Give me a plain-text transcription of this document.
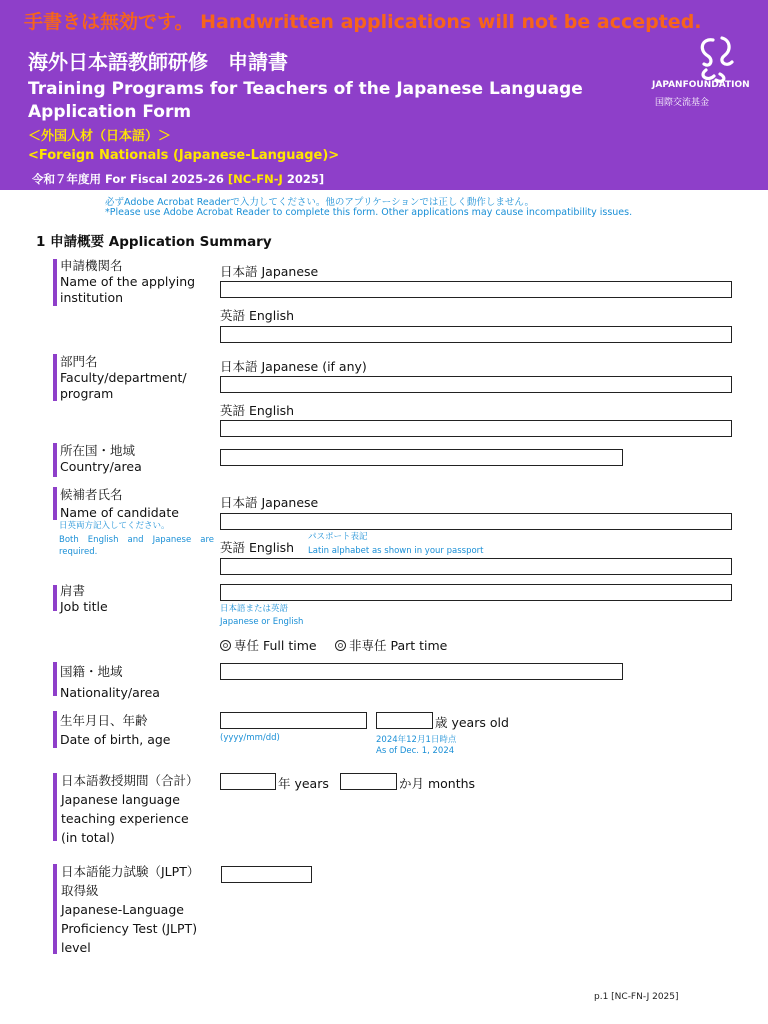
手書きは無効です。 Handwritten applications will not be accepted.
海外日本語教師研修　申請書
Training Programs for Teachers of the Japanese Language
Application Form
＜外国人材（日本語）＞
<Foreign Nationals (Japanese-Language)>
令和７年度用 For Fiscal 2025-26 [NC-FN-J 2025]
JAPANFOUNDATION
国際交流基金
必ずAdobe Acrobat Readerで入力してください。他のアプリケーションでは正しく動作しません。
*Please use Adobe Acrobat Reader to complete this form. Other applications may cause incompatibility issues.
1 申請概要 Application Summary
申請機関名
Name of the applying institution
日本語 Japanese
英語 English
部門名
Faculty/department/ program
日本語 Japanese (if any)
英語 English
所在国・地域
Country/area
候補者氏名
Name of candidate
日英両方記入してください。
Both English and Japanese are required.
日本語 Japanese
英語 English
パスポート表記
Latin alphabet as shown in your passport
肩書
Job title	日本語または英語
Japanese or English
専任 Full time	非専任 Part time
国籍・地域
Nationality/area
生年月日、年齢
Date of birth, age	(yyyy/mm/dd)
歳 years old
2024年12月1日時点
As of Dec. 1, 2024
日本語教授期間（合計）
Japanese language
teaching experience
(in total)
年 years	か月 months
日本語能力試験（JLPT）
取得級
Japanese-Language
Proficiency Test (JLPT)
level
p.1 [NC-FN-J 2025]
